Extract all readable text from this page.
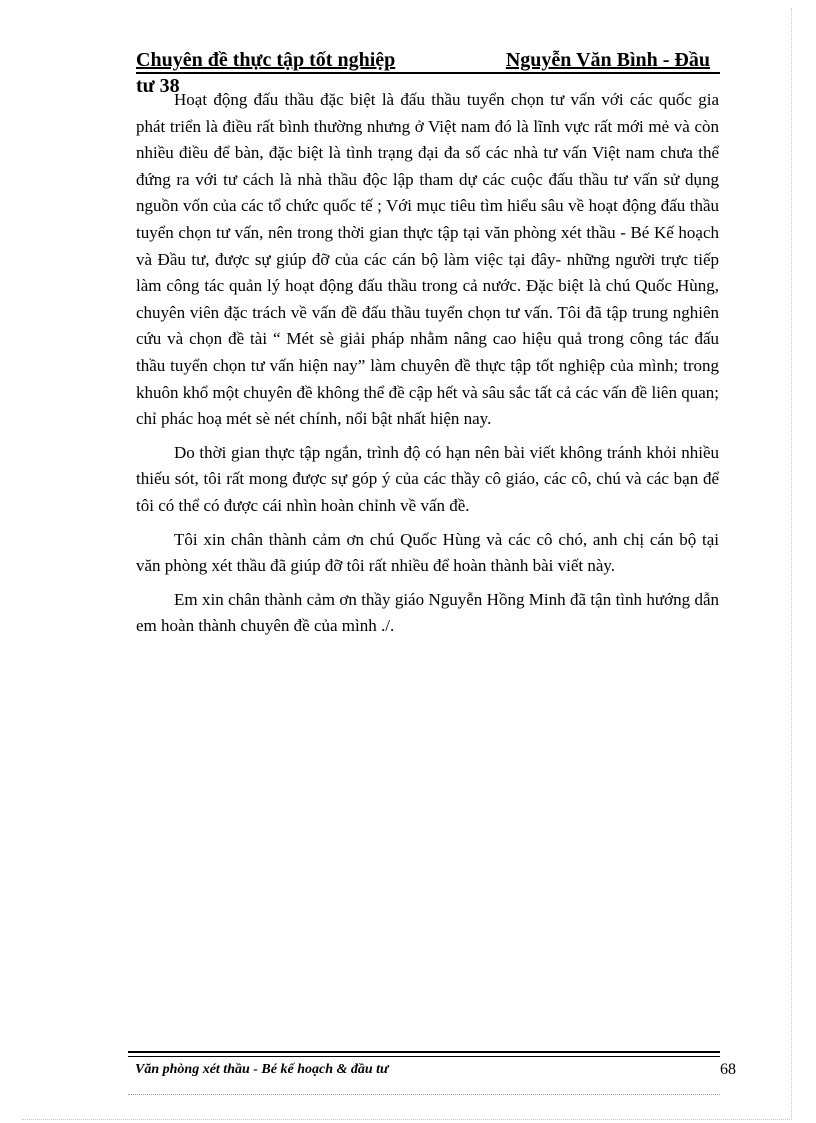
Chuyên đề thực tập tốt nghiệp	Nguyễn Văn Bình - Đầu
tư 38

Hoạt động đấu thầu đặc biệt là đấu thầu tuyển chọn tư vấn với các quốc gia phát triển là điều rất bình thường nhưng ở Việt nam đó là lĩnh vực rất mới mẻ và còn nhiều điều để bàn, đặc biệt là tình trạng đại đa số các nhà tư vấn Việt nam chưa thể đứng ra với tư cách là nhà thầu độc lập tham dự các cuộc đấu thầu tư vấn sử dụng nguồn vốn của các tổ chức quốc tế ; Với mục tiêu tìm hiểu sâu về hoạt động đấu thầu tuyển chọn tư vấn, nên trong thời gian thực tập tại văn phòng xét thầu - Bé Kế hoạch và Đầu tư, được sự giúp đỡ của các cán bộ làm việc tại đây- những người trực tiếp làm công tác quản lý hoạt động đấu thầu trong cả nước. Đặc biệt là chú Quốc Hùng, chuyên viên đặc trách về vấn đề đấu thầu tuyển chọn tư vấn. Tôi đã tập trung nghiên cứu và chọn đề tài “ Mét sè giải pháp nhằm nâng cao hiệu quả trong công tác đấu thầu tuyển chọn tư vấn hiện nay” làm chuyên đề thực tập tốt nghiệp của mình; trong khuôn khổ một chuyên đề không thể đề cập hết và sâu sắc tất cả các vấn đề liên quan; chỉ phác hoạ mét sè nét chính, nổi bật nhất hiện nay.

Do thời gian thực tập ngắn, trình độ có hạn nên bài viết không tránh khỏi nhiều thiếu sót, tôi rất mong được sự góp ý của các thầy cô giáo, các cô, chú và các bạn để tôi có thể có được cái nhìn hoàn chỉnh về vấn đề.

Tôi xin chân thành cảm ơn chú Quốc Hùng và các cô chó, anh chị cán bộ tại văn phòng xét thầu đã giúp đỡ tôi rất nhiều để hoàn thành bài viết này.

Em xin chân thành cảm ơn thầy giáo Nguyễn Hồng Minh đã tận tình hướng dẫn em hoàn thành chuyên đề của mình ./.

Văn phòng xét thầu - Bé kế hoạch & đầu tư	68
